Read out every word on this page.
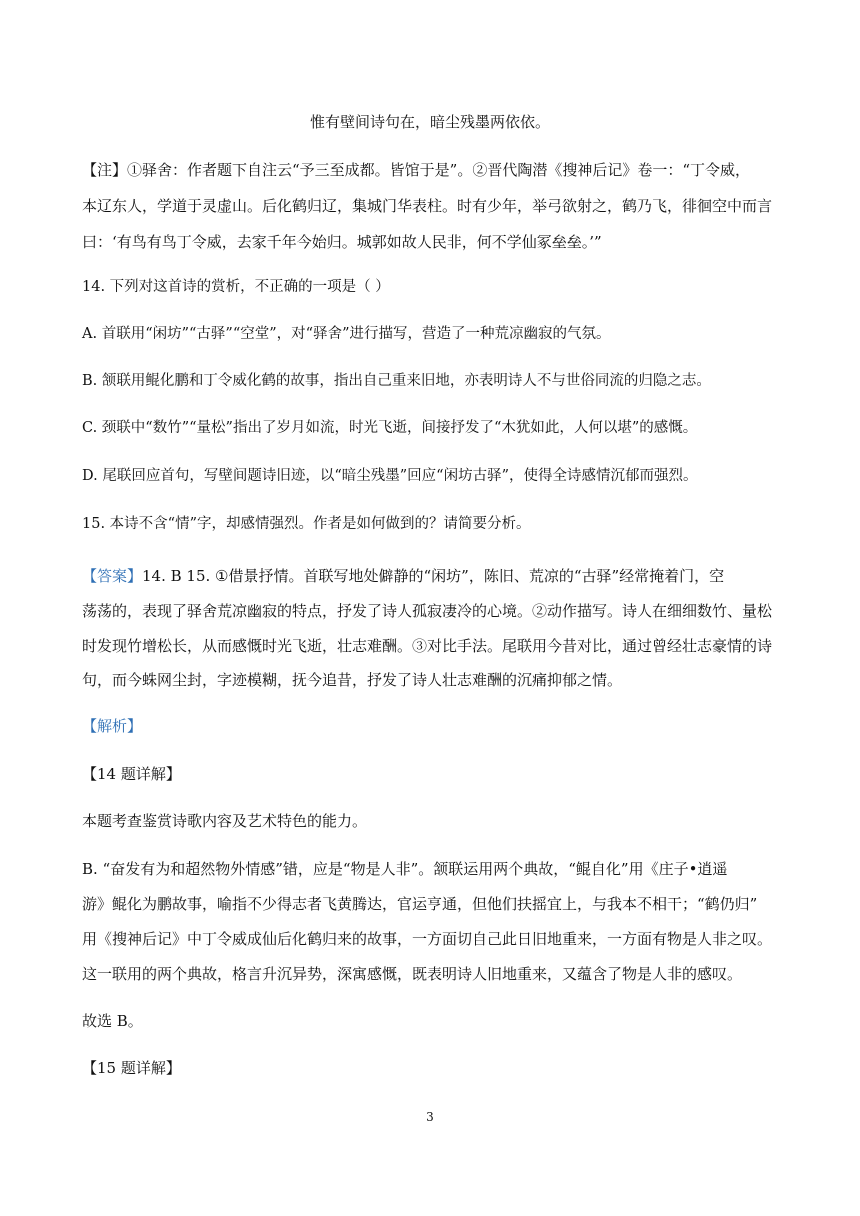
惟有壁间诗句在，暗尘残墨两依依。
【注】①驿舍：作者题下自注云“予三至成都。皆馆于是”。②晋代陶潜《搜神后记》卷一：“丁令威，
本辽东人，学道于灵虚山。后化鹤归辽，集城门华表柱。时有少年，举弓欲射之，鹤乃飞，徘徊空中而言
曰：‘有鸟有鸟丁令威，去家千年今始归。城郭如故人民非，何不学仙冢垒垒。’”
14. 下列对这首诗的赏析，不正确的一项是（ ）
A. 首联用“闲坊”“古驿”“空堂”，对“驿舍”进行描写，营造了一种荒凉幽寂的气氛。
B. 颔联用鲲化鹏和丁令威化鹤的故事，指出自己重来旧地，亦表明诗人不与世俗同流的归隐之志。
C. 颈联中“数竹”“量松”指出了岁月如流，时光飞逝，间接抒发了“木犹如此，人何以堪”的感慨。
D. 尾联回应首句，写壁间题诗旧迹，以“暗尘残墨”回应“闲坊古驿”，使得全诗感情沉郁而强烈。
15. 本诗不含“情”字，却感情强烈。作者是如何做到的？请简要分析。
【答案】14. B 15. ①借景抒情。首联写地处僻静的“闲坊”，陈旧、荒凉的“古驿”经常掩着门，空
荡荡的，表现了驿舍荒凉幽寂的特点，抒发了诗人孤寂凄冷的心境。②动作描写。诗人在细细数竹、量松
时发现竹增松长，从而感慨时光飞逝，壮志难酬。③对比手法。尾联用今昔对比，通过曾经壮志豪情的诗
句，而今蛛网尘封，字迹模糊，抚今追昔，抒发了诗人壮志难酬的沉痛抑郁之情。
【解析】
【14 题详解】
本题考查鉴赏诗歌内容及艺术特色的能力。
B. “奋发有为和超然物外情感”错，应是“物是人非”。颔联运用两个典故，“鲲自化”用《庄子•逍遥
游》鲲化为鹏故事，喻指不少得志者飞黄腾达，官运亨通，但他们扶摇宜上，与我本不相干；“鹤仍归”
用《搜神后记》中丁令威成仙后化鹤归来的故事，一方面切自己此日旧地重来，一方面有物是人非之叹。
这一联用的两个典故，格言升沉异势，深寓感慨，既表明诗人旧地重来，又蕴含了物是人非的感叹。
故选 B。
【15 题详解】
3
